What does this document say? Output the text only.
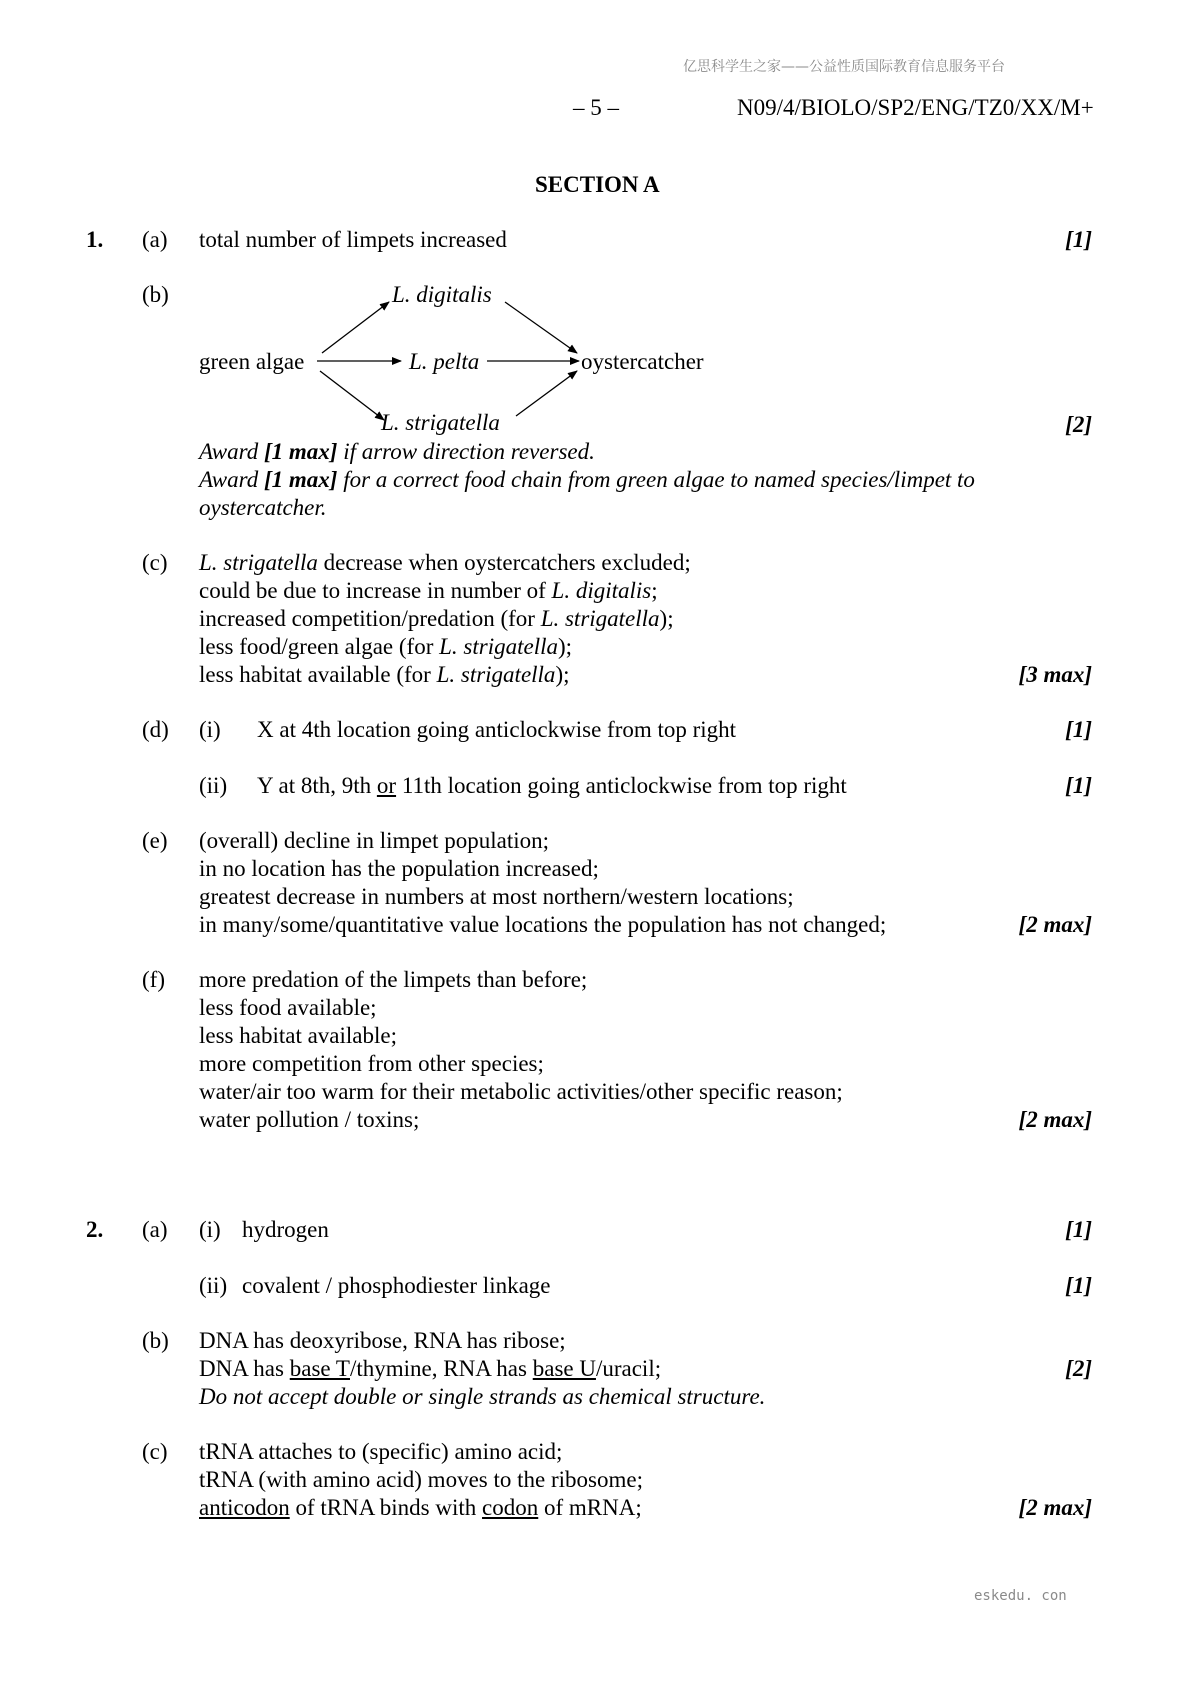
亿思科学生之家——公益性质国际教育信息服务平台
– 5 –	N09/4/BIOLO/SP2/ENG/TZ0/XX/M+
SECTION A
1. (a) total number of limpets increased	[1]
(b)	L. digitalis
green algae	L. pelta	oystercatcher
L. strigatella	[2]
Award [1 max] if arrow direction reversed.
Award [1 max] for a correct food chain from green algae to named species/limpet to
oystercatcher.
(c) L. strigatella decrease when oystercatchers excluded;
could be due to increase in number of L. digitalis;
increased competition/predation (for L. strigatella);
less food/green algae (for L. strigatella);
less habitat available (for L. strigatella);	[3 max]
(d) (i) X at 4th location going anticlockwise from top right	[1]
(ii) Y at 8th, 9th or 11th location going anticlockwise from top right	[1]
(e) (overall) decline in limpet population;
in no location has the population increased;
greatest decrease in numbers at most northern/western locations;
in many/some/quantitative value locations the population has not changed;	[2 max]
(f) more predation of the limpets than before;
less food available;
less habitat available;
more competition from other species;
water/air too warm for their metabolic activities/other specific reason;
water pollution / toxins;	[2 max]
2. (a) (i) hydrogen	[1]
(ii) covalent / phosphodiester linkage	[1]
(b) DNA has deoxyribose, RNA has ribose;
DNA has base T/thymine, RNA has base U/uracil;	[2]
Do not accept double or single strands as chemical structure.
(c) tRNA attaches to (specific) amino acid;
tRNA (with amino acid) moves to the ribosome;
anticodon of tRNA binds with codon of mRNA;	[2 max]
eskedu. con
